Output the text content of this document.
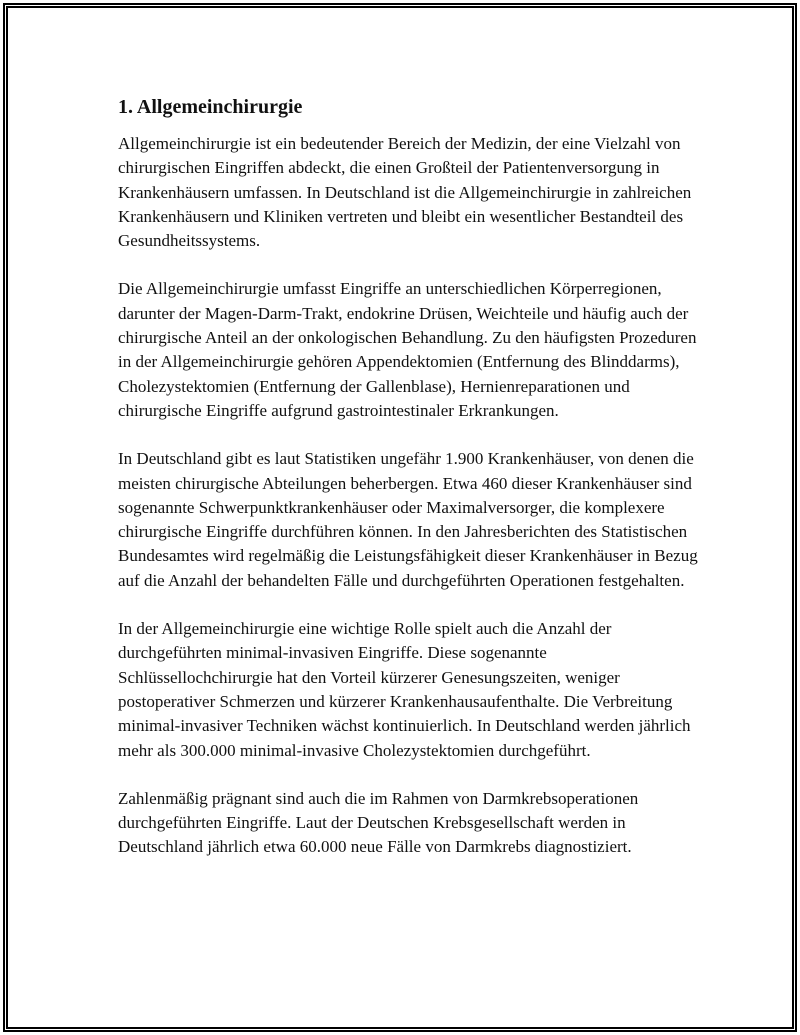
1. Allgemeinchirurgie

Allgemeinchirurgie ist ein bedeutender Bereich der Medizin, der eine Vielzahl von chirurgischen Eingriffen abdeckt, die einen Großteil der Patientenversorgung in Krankenhäusern umfassen. In Deutschland ist die Allgemeinchirurgie in zahlreichen Krankenhäusern und Kliniken vertreten und bleibt ein wesentlicher Bestandteil des Gesundheitssystems.

Die Allgemeinchirurgie umfasst Eingriffe an unterschiedlichen Körperregionen, darunter der Magen-Darm-Trakt, endokrine Drüsen, Weichteile und häufig auch der chirurgische Anteil an der onkologischen Behandlung. Zu den häufigsten Prozeduren in der Allgemeinchirurgie gehören Appendektomien (Entfernung des Blinddarms), Cholezystektomien (Entfernung der Gallenblase), Hernienreparationen und chirurgische Eingriffe aufgrund gastrointestinaler Erkrankungen.

In Deutschland gibt es laut Statistiken ungefähr 1.900 Krankenhäuser, von denen die meisten chirurgische Abteilungen beherbergen. Etwa 460 dieser Krankenhäuser sind sogenannte Schwerpunktkrankenhäuser oder Maximalversorger, die komplexere chirurgische Eingriffe durchführen können. In den Jahresberichten des Statistischen Bundesamtes wird regelmäßig die Leistungsfähigkeit dieser Krankenhäuser in Bezug auf die Anzahl der behandelten Fälle und durchgeführten Operationen festgehalten.

In der Allgemeinchirurgie eine wichtige Rolle spielt auch die Anzahl der durchgeführten minimal-invasiven Eingriffe. Diese sogenannte Schlüssellochchirurgie hat den Vorteil kürzerer Genesungszeiten, weniger postoperativer Schmerzen und kürzerer Krankenhausaufenthalte. Die Verbreitung minimal-invasiver Techniken wächst kontinuierlich. In Deutschland werden jährlich mehr als 300.000 minimal-invasive Cholezystektomien durchgeführt.

Zahlenmäßig prägnant sind auch die im Rahmen von Darmkrebsoperationen durchgeführten Eingriffe. Laut der Deutschen Krebsgesellschaft werden in Deutschland jährlich etwa 60.000 neue Fälle von Darmkrebs diagnostiziert.
